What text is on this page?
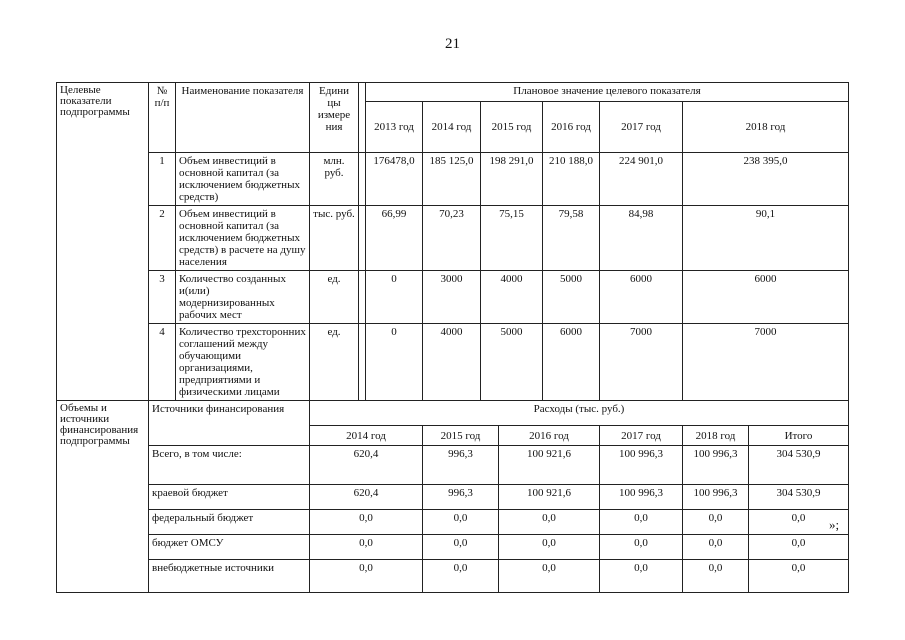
21
Целевые показатели подпрограммы	№ п/п	Наименование показателя	Едини цы измере ния		Плановое значение целевого показателя							
					2013 год	2014 год	2015 год		2016 год	2017 год	2018 год	
	1	Объем инвестиций в основной капитал (за исключением бюджетных средств)	млн. руб.		176478,0	185 125,0	198 291,0		210 188,0	224 901,0	238 395,0	
	2	Объем инвестиций в основной капитал (за исключением бюджетных средств) в расчете на душу населения	тыс. руб.		66,99	70,23	75,15		79,58	84,98	90,1	
	3	Количество созданных и(или) модернизированных рабочих мест	ед.		0	3000	4000		5000	6000	6000	
	4	Количество трехсторонних соглашений между обучающими организациями, предприятиями и физическими лицами	ед.		0	4000	5000		6000	7000	7000	
Объемы и источники финансирования подпрограммы	Источники финансирования		Расходы (тыс. руб.)									
			2014 год			2015 год		2016 год		2017 год	2018 год	Итого
	Всего, в том числе:		620,4			996,3		100 921,6		100 996,3	100 996,3	304 530,9
	краевой бюджет		620,4			996,3		100 921,6		100 996,3	100 996,3	304 530,9
	федеральный бюджет		0,0			0,0		0,0		0,0	0,0	0,0
	бюджет ОМСУ		0,0			0,0		0,0		0,0	0,0	0,0
	внебюджетные источники		0,0			0,0		0,0		0,0	0,0	0,0
»;
